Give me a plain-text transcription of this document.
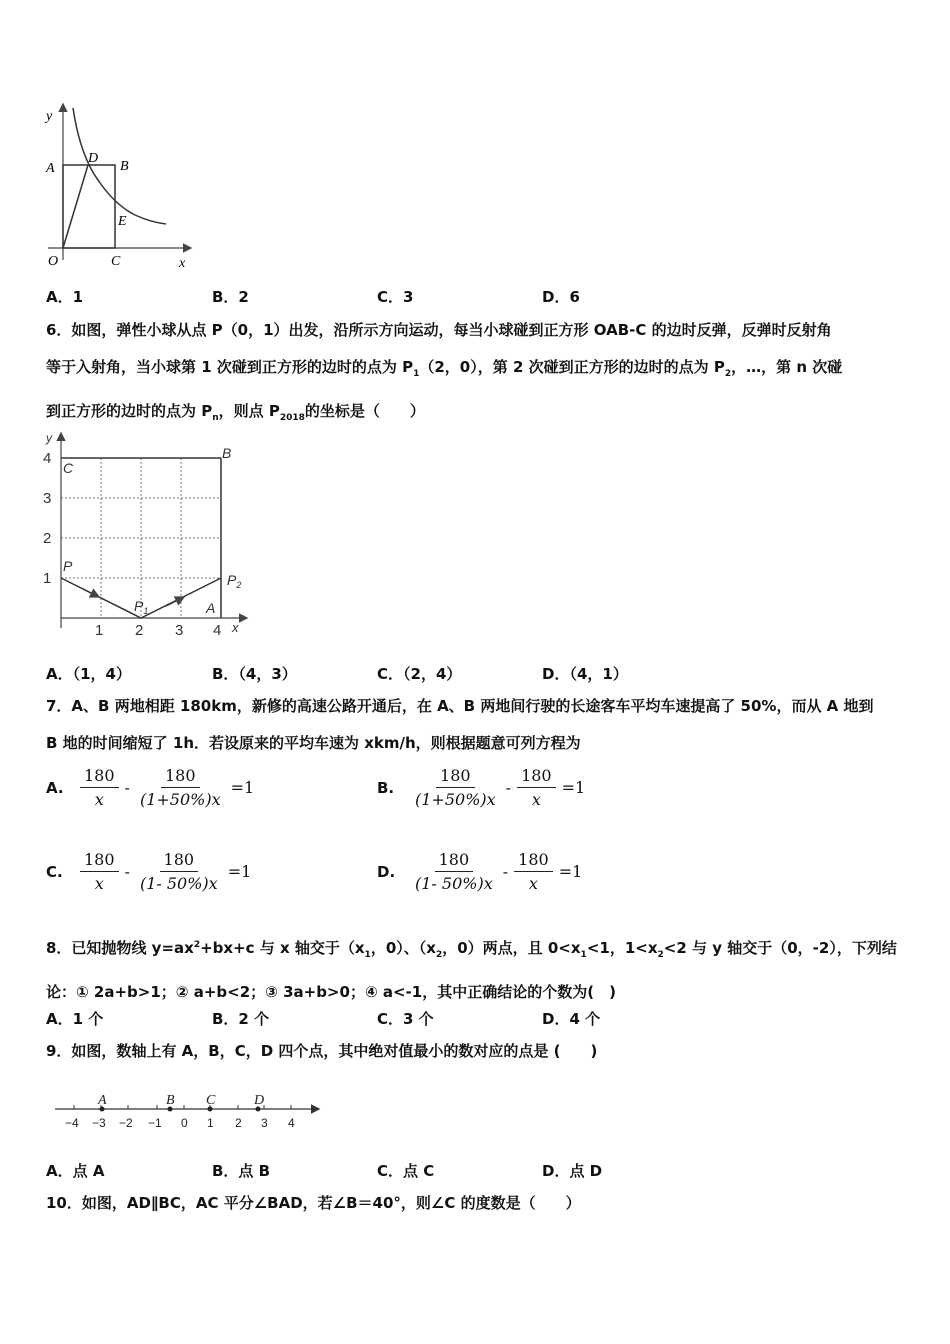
y
A
D
B
E
O	C	x
A．1	B．2	C．3	D．6
6．如图，弹性小球从点 P（0，1）出发，沿所示方向运动，每当小球碰到正方形 OAB-C 的边时反弹，反弹时反射角
等于入射角，当小球第 1 次碰到正方形的边时的点为 $P_1(2$，0），第 2 次碰到正方形的边时的点为 $P_2$，…，第 n 次碰
到正方形的边时的点为 $P_n$，则点 $P_{2018}$的坐标是（　　）
y
4
3
2
1
1 2 3 4 x
C
B
P
$P_1$
$P_2$
A
A．（1，4）	B．（4，3）	C．（2，4）	D．（4，1）
7．A、B 两地相距 180km，新修的高速公路开通后，在 A、B 两地间行驶的长途客车平均车速提高了 50%，而从 A 地到
B 地的时间缩短了 1h．若设原来的平均车速为 xkm/h，则根据题意可列方程为
A.	$\frac{180}{x} - \frac{180}{(1+50\%)x} =1$	B.	$\frac{180}{(1+50\%)x} - \frac{180}{x} =1$
C.	$\frac{180}{x} - \frac{180}{(1- 50\%)x} =1$	D. $\frac{180}{(1- 50\%)x} - \frac{180}{x} =1$
8．已知抛物线 $y=ax^2+bx+c$ 与 x 轴交于（$x_1$，0）、（$x_2$，0）两点，且 $0<x_1<1$，$1<x_2<2$ 与 y 轴交于（0，-2），下列结
论：① 2a+b>1；② a+b<2；③ 3a+b>0；④ a<-1，其中正确结论的个数为(　)
A．1 个	B．2 个	C．3 个	D．4 个
9．如图，数轴上有 A，B，C，D 四个点，其中绝对值最小的数对应的点是 (　　)
A	B C	D
−4 −3 −2 −1 0 1 2 3 4
A．点 A	B．点 B	C．点 C	D．点 D
10．如图，AD∥BC，AC 平分∠BAD，若∠B＝40°，则∠C 的度数是（　　）
